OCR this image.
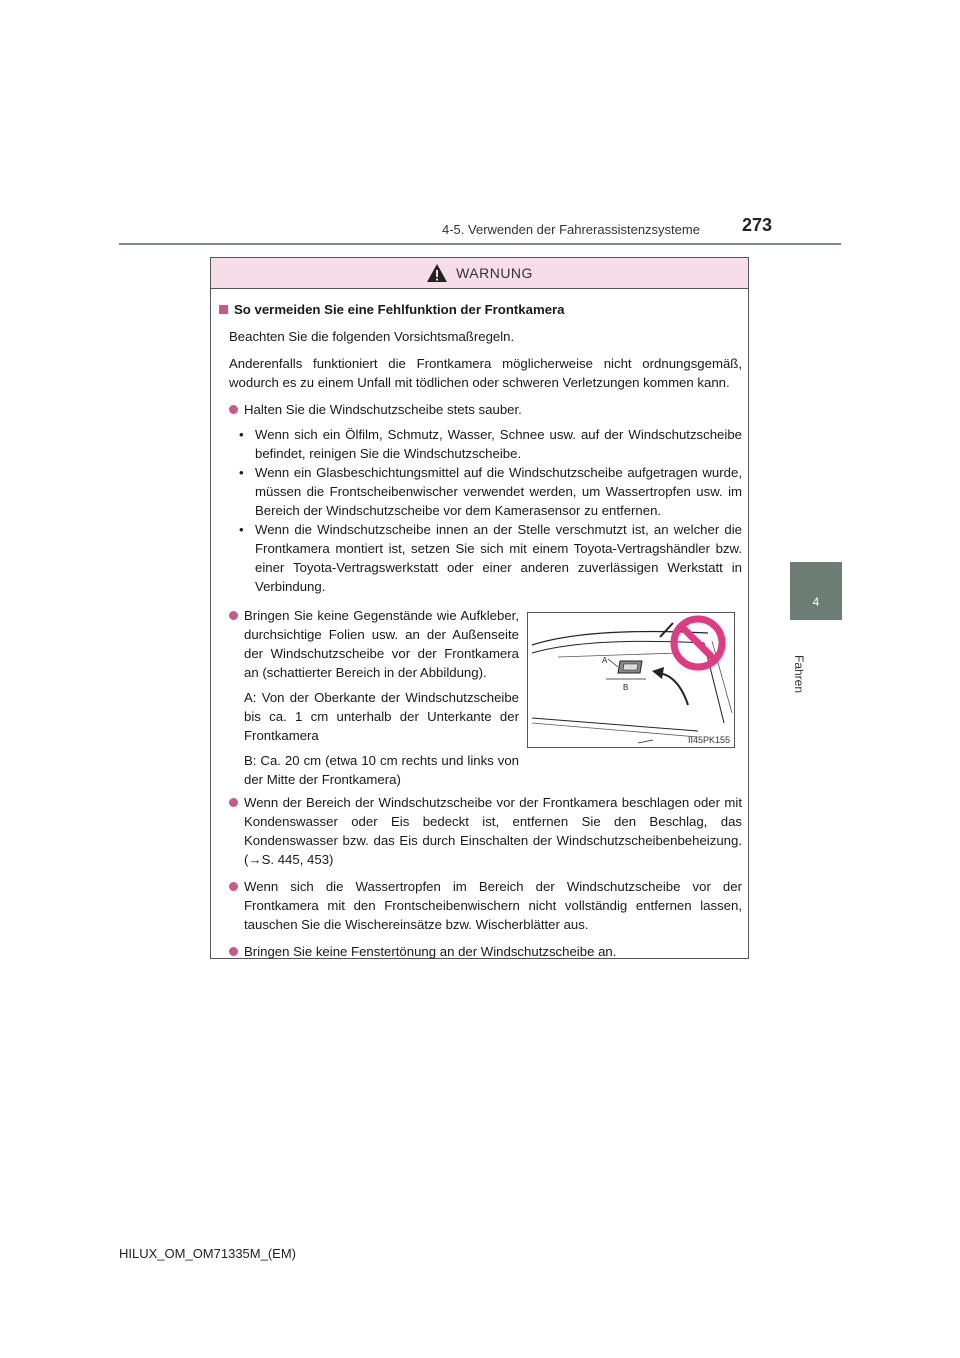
4-5. Verwenden der Fahrerassistenzsysteme 273
4
Fahren
WARNUNG
So vermeiden Sie eine Fehlfunktion der Frontkamera

Beachten Sie die folgenden Vorsichtsmaßregeln.

Anderenfalls funktioniert die Frontkamera möglicherweise nicht ordnungsgemäß, wodurch es zu einem Unfall mit tödlichen oder schweren Verletzungen kommen kann.

Halten Sie die Windschutzscheibe stets sauber.

• Wenn sich ein Ölfilm, Schmutz, Wasser, Schnee usw. auf der Windschutzscheibe befindet, reinigen Sie die Windschutzscheibe.

• Wenn ein Glasbeschichtungsmittel auf die Windschutzscheibe aufgetragen wurde, müssen die Frontscheibenwischer verwendet werden, um Wassertropfen usw. im Bereich der Windschutzscheibe vor dem Kamerasensor zu entfernen.

• Wenn die Windschutzscheibe innen an der Stelle verschmutzt ist, an welcher die Frontkamera montiert ist, setzen Sie sich mit einem Toyota-Vertragshändler bzw. einer Toyota-Vertragswerkstatt oder einer anderen zuverlässigen Werkstatt in Verbindung.

Bringen Sie keine Gegenstände wie Aufkleber, durchsichtige Folien usw. an der Außenseite der Windschutzscheibe vor der Frontkamera an (schattierter Bereich in der Abbildung).

A: Von der Oberkante der Windschutzscheibe bis ca. 1 cm unterhalb der Unterkante der Frontkamera

B: Ca. 20 cm (etwa 10 cm rechts und links von der Mitte der Frontkamera)

Wenn der Bereich der Windschutzscheibe vor der Frontkamera beschlagen oder mit Kondenswasser oder Eis bedeckt ist, entfernen Sie den Beschlag, das Kondenswasser bzw. das Eis durch Einschalten der Windschutzscheibenbeheizung. (→S. 445, 453)

Wenn sich die Wassertropfen im Bereich der Windschutzscheibe vor der Frontkamera mit den Frontscheibenwischern nicht vollständig entfernen lassen, tauschen Sie die Wischereinsätze bzw. Wischerblätter aus.

Bringen Sie keine Fenstertönung an der Windschutzscheibe an.

A
B
II45PK155
HILUX_OM_OM71335M_(EM)
